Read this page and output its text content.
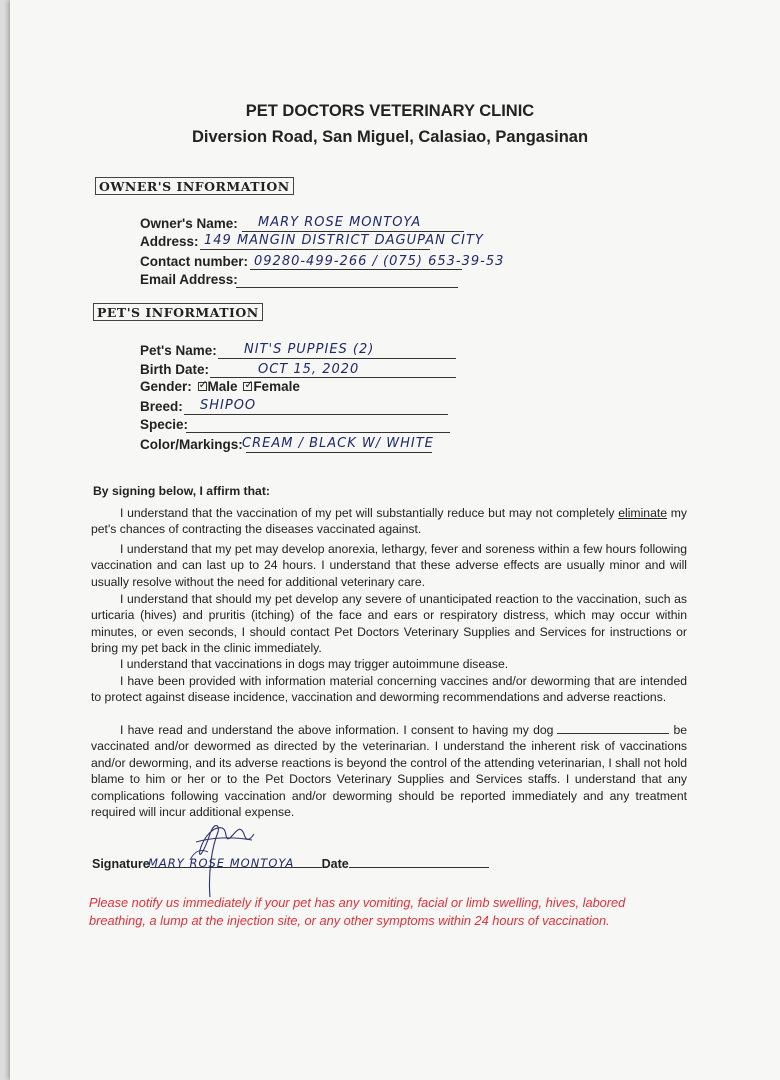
PET DOCTORS VETERINARY CLINIC
Diversion Road, San Miguel, Calasiao, Pangasinan
OWNER'S INFORMATION
Owner's Name: MARY ROSE MONTOYA
Address: 149 MANGIN DISTRICT DAGUPAN CITY
Contact number: 09280-499-266 / (075) 653-39-53
Email Address:
PET'S INFORMATION
Pet's Name: NIT'S PUPPIES (2)
Birth Date:	OCT 15, 2020
Gender: ✓ Male ✓ Female
Breed: SHIPOO
Specie:
Color/Markings: CREAM / BLACK W/ WHITE
By signing below, I affirm that:
I understand that the vaccination of my pet will substantially reduce but may not completely eliminate my pet's chances of contracting the diseases vaccinated against.
I understand that my pet may develop anorexia, lethargy, fever and soreness within a few hours following vaccination and can last up to 24 hours. I understand that these adverse effects are usually minor and will usually resolve without the need for additional veterinary care.
I understand that should my pet develop any severe of unanticipated reaction to the vaccination, such as urticaria (hives) and pruritis (itching) of the face and ears or respiratory distress, which may occur within minutes, or even seconds, I should contact Pet Doctors Veterinary Supplies and Services for instructions or bring my pet back in the clinic immediately.
I understand that vaccinations in dogs may trigger autoimmune disease.
I have been provided with information material concerning vaccines and/or deworming that are intended to protect against disease incidence, vaccination and deworming recommendations and adverse reactions.
I have read and understand the above information. I consent to having my dog	be vaccinated and/or dewormed as directed by the veterinarian. I understand the inherent risk of vaccinations and/or deworming, and its adverse reactions is beyond the control of the attending veterinarian, I shall not hold blame to him or her or to the Pet Doctors Veterinary Supplies and Services staffs. I understand that any complications following vaccination and/or deworming should be reported immediately and any treatment required will incur additional expense.
Signature	Date
MARY ROSE MONTOYA
Please notify us immediately if your pet has any vomiting, facial or limb swelling, hives, labored breathing, a lump at the injection site, or any other symptoms within 24 hours of vaccination.
